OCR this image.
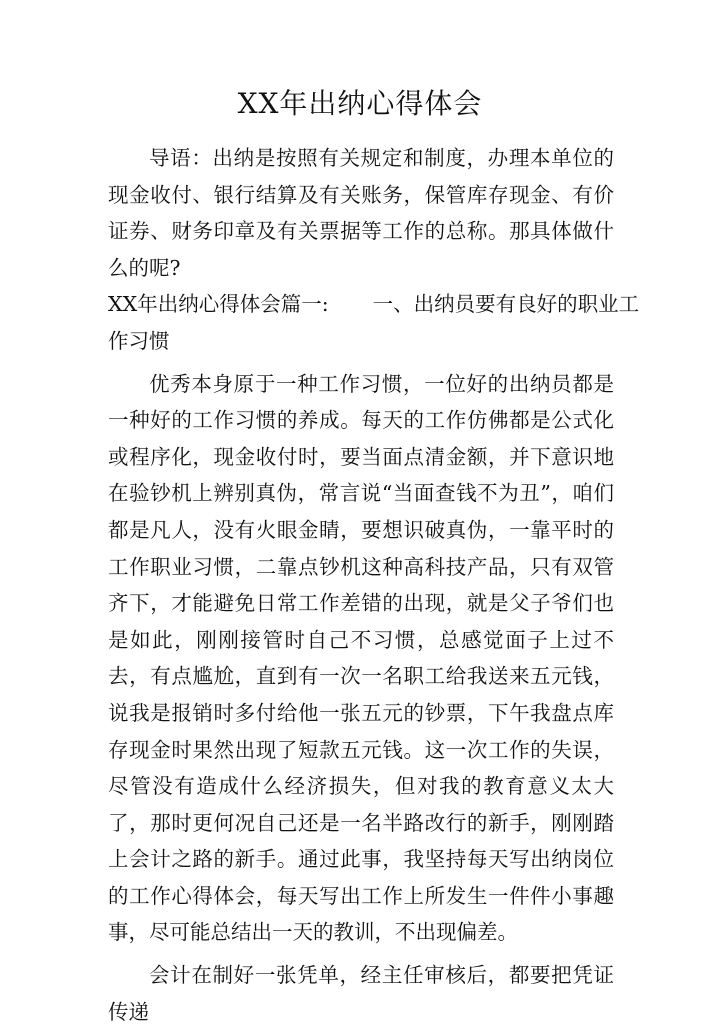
XX年出纳心得体会

导语：出纳是按照有关规定和制度，办理本单位的现金收付、银行结算及有关账务，保管库存现金、有价证券、财务印章及有关票据等工作的总称。那具体做什么的呢?

XX年出纳心得体会篇一: 一、出纳员要有良好的职业工

作习惯

优秀本身原于一种工作习惯，一位好的出纳员都是一种好的工作习惯的养成。每天的工作仿佛都是公式化或程序化，现金收付时，要当面点清金额，并下意识地在验钞机上辨别真伪，常言说“当面查钱不为丑”，咱们都是凡人，没有火眼金睛，要想识破真伪，一靠平时的工作职业习惯，二靠点钞机这种高科技产品，只有双管齐下，才能避免日常工作差错的出现，就是父子爷们也是如此，刚刚接管时自己不习惯，总感觉面子上过不去，有点尴尬，直到有一次一名职工给我送来五元钱，说我是报销时多付给他一张五元的钞票，下午我盘点库存现金时果然出现了短款五元钱。这一次工作的失误，尽管没有造成什么经济损失，但对我的教育意义太大了，那时更何况自己还是一名半路改行的新手，刚刚踏上会计之路的新手。通过此事，我坚持每天写出纳岗位的工作心得体会，每天写出工作上所发生一件件小事趣事，尽可能总结出一天的教训，不出现偏差。

会计在制好一张凭单，经主任审核后，都要把凭证传递
